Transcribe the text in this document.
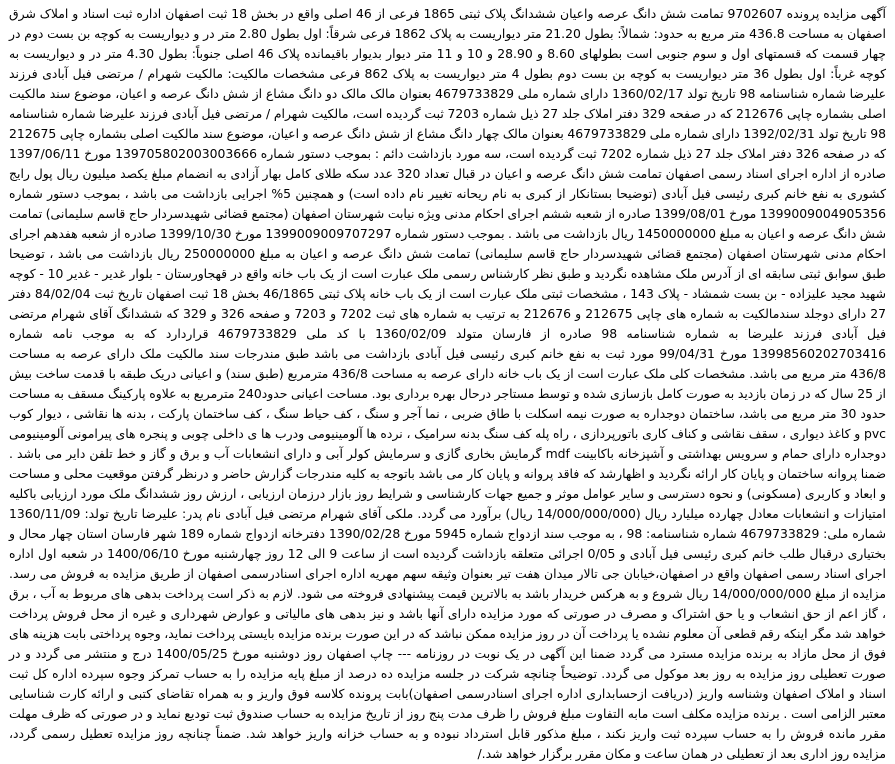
آگهی مزایده پرونده 9702607 تمامت شش دانگ عرصه واعیان ششدانگ پلاک ثبتی 1865 فرعی از 46 اصلی واقع در بخش 18 ثبت اصفهان اداره ثبت اسناد و املاک شرق اصفهان به مساحت 436.8 متر مربع به حدود: شمالاً: بطول 21.20 متر دیواریست به پلاک 1862 فرعی شرقاً: اول بطول 2.80 متر در و دیواریست به کوچه بن بست دوم در چهار قسمت که قسمتهای اول و سوم جنوبی است بطولهای 8.60 و 28.90 و 10 و 11 متر دیوار بدیوار باقیمانده پلاک 46 اصلی جنوباً: بطول 4.30 متر در و دیواریست به کوچه غرباً: اول بطول 36 متر دیواریست به کوچه بن بست دوم بطول 4 متر دیواریست به پلاک 862 فرعی مشخصات مالکیت: مالکیت شهرام / مرتضی فیل آبادی فرزند علیرضا شماره شناسنامه 98 تاریخ تولد 1360/02/17 دارای شماره ملی 4679733829 بعنوان مالک مالک دو دانگ مشاع از شش دانگ عرصه و اعیان، موضوع سند مالکیت اصلی بشماره چاپی 212676 که در صفحه 329 دفتر املاک جلد 27 ذیل شماره 7203 ثبت گردیده است، مالکیت شهرام / مرتضی فیل آبادی فرزند علیرضا شماره شناسنامه 98 تاریخ تولد 1392/02/31 دارای شماره ملی 4679733829 بعنوان مالک چهار دانگ مشاع از شش دانگ عرصه و اعیان، موضوع سند مالکیت اصلی بشماره چاپی 212675 که در صفحه 326 دفتر املاک جلد 27 ذیل شماره 7202 ثبت گردیده است، سه مورد بازداشت دائم : بموجب دستور شماره 139705802003003666 مورخ 1397/06/11 صادره از اداره اجرای اسناد رسمی اصفهان تمامت شش دانگ عرصه و اعیان در قبال تعداد 320 عدد سکه طلای کامل بهار آزادی به انضمام مبلغ یکصد میلیون ریال پول رایج کشوری به نفع خانم کبری رئیسی فیل آبادی (توضیحا بستانکار از کبری به نام ریحانه تغییر نام داده است) و همچنین 5% اجرایی بازداشت می باشد ، بموجب دستور شماره 1399009004905356 مورخ 1399/08/01 صادره از شعبه ششم اجرای احکام مدنی ویژه نیابت شهرستان اصفهان (مجتمع قضائی شهیدسردار حاج قاسم سلیمانی) تمامت شش دانگ عرصه و اعیان به مبلغ 1450000000 ریال بازداشت می باشد . بموجب دستور شماره 1399009009707297 مورخ 1399/10/30 صادره از شعبه هفدهم اجرای احکام مدنی شهرستان اصفهان (مجتمع قضائی شهیدسردار حاج قاسم سلیمانی) تمامت شش دانگ عرصه و اعیان به مبلغ 250000000 ریال بازداشت می باشد ، توضیحا طبق سوابق ثبتی سابقه ای از آدرس ملک مشاهده نگردید و طبق نظر کارشناس رسمی ملک عبارت است از یک باب خانه واقع در قهجاورستان - بلوار غدیر - غدیر 10 - کوچه شهید مجید علیزاده - بن بست شمشاد - پلاک 143 ، مشخصات ثبتی ملک عبارت است از یک باب خانه پلاک ثبتی 46/1865 بخش 18 ثبت اصفهان تاریخ ثبت 84/02/04 دفتر 27 دارای دوجلد سندمالکیت به شماره های چاپی 212675 و 212676 به ترتیب به شماره های ثبت 7202 و 7203 و صفحه 326 و 329 که ششدانگ آقای شهرام مرتضی فیل آبادی فرزند علیرضا به شماره شناسنامه 98 صادره از فارسان متولد 1360/02/09 با کد ملی 4679733829 قراردارد که به موجب نامه شماره 13998560202703416 مورخ 99/04/31 مورد ثبت به نفع خانم کبری رئیسی فیل آبادی بازداشت می باشد طبق مندرجات سند مالکیت ملک دارای عرصه به مساحت 436/8 متر مربع می باشد. مشخصات کلی ملک عبارت است از یک باب خانه دارای عرصه به مساحت 436/8 مترمربع (طبق سند) و اعیانی دریک طبقه با قدمت ساخت بیش از 25 سال که در زمان بازدید به صورت کامل بازسازی شده و توسط مستاجر درحال بهره برداری بود. مساحت اعیانی حدود240 مترمربع به علاوه پارکینگ مسقف به مساحت حدود 30 متر مربع می باشد، ساختمان دوجداره به صورت نیمه اسکلت با طاق ضربی ، نما آجر و سنگ ، کف حیاط سنگ ، کف ساختمان پارکت ، بدنه ها نقاشی ، دیوار کوب pvc و کاغذ دیواری ، سقف نقاشی و کناف کاری باتورپردازی ، راه پله کف سنگ بدنه سرامیک ، نرده ها آلومینیومی ودرب ها ی داخلی چوبی و پنجره های پیرامونی آلومینیومی دوجداره دارای حمام و سرویس بهداشتی و آشپزخانه باکابینت mdf گرمایش بخاری گازی و سرمایش کولر آبی و دارای انشعابات آب و برق و گاز و خط تلفن دایر می باشد . ضمنا پروانه ساختمان و پایان کار ارائه نگردید و اظهارشد که فاقد پروانه و پایان کار می باشد باتوجه به کلیه مندرجات گزارش حاضر و درنظر گرفتن موقعیت محلی و مساحت و ابعاد و کاربری (مسکونی) و نحوه دسترسی و سایر عوامل موثر و جمیع جهات کارشناسی و شرایط روز بازار درزمان ارزیابی ، ارزش روز ششدانگ ملک مورد ارزیابی باکلیه امتیازات و انشعابات معادل چهارده میلیارد ریال (14/000/000/000 ریال) برآورد می گردد. ملکی آقای شهرام مرتضی فیل آبادی نام پدر: علیرضا تاریخ تولد: 1360/11/09 شماره ملی: 4679733829 شماره شناسنامه: 98 ، به موجب سند ازدواج شماره 5945 مورخ 1390/02/28 دفترخانه ازدواج شماره 189 شهر فارسان استان چهار محال و بختیاری درقبال طلب خانم کبری رئیسی فیل آبادی و 0/05 اجرائی متعلقه بازداشت گردیده است از ساعت 9 الی 12 روز چهارشنبه مورخ 1400/06/10 در شعبه اول اداره اجرای اسناد رسمی اصفهان واقع در اصفهان،خیابان جی تالار میدان هفت تیر بعنوان وثیقه سهم مهریه اداره اجرای اسنادرسمی اصفهان از طریق مزایده به فروش می رسد. مزایده از مبلغ 14/000/000/000 ریال شروع و به هرکس خریدار باشد به بالاترین قیمت پیشنهادی فروخته می شود. لازم به ذکر است پرداخت بدهی های مربوط به آب ، برق ، گاز اعم از حق انشعاب و یا حق اشتراک و مصرف در صورتی که مورد مزایده دارای آنها باشد و نیز بدهی های مالیاتی و عوارض شهرداری و غیره از محل فروش پرداخت خواهد شد مگر اینکه رقم قطعی آن معلوم نشده یا پرداخت آن در روز مزایده ممکن نباشد که در این صورت برنده مزایده بایستی پرداخت نماید، وجوه پرداختی بابت هزینه های فوق از محل مازاد به برنده مزایده مسترد می گردد ضمنا این آگهی در یک نوبت در روزنامه --- چاپ اصفهان روز دوشنبه مورخ 1400/05/25 درج و منتشر می گردد و در صورت تعطیلی روز مزایده به روز بعد موکول می گردد. توضیحاً چنانچه شرکت در جلسه مزایده ده درصد از مبلغ پایه مزایده را به حساب تمرکز وجوه سپرده اداره کل ثبت اسناد و املاک اصفهان وشناسه واریز (دریافت ازحسابداری اداره اجرای اسنادرسمی اصفهان)بابت پرونده کلاسه فوق واریز و به همراه تقاضای کتبی و ارائه کارت شناسایی معتبر الزامی است . برنده مزایده مکلف است مابه التفاوت مبلغ فروش را ظرف مدت پنج روز از تاریخ مزایده به حساب صندوق ثبت تودیع نماید و در صورتی که ظرف مهلت مقرر مانده فروش را به حساب سپرده ثبت واریز نکند ، مبلغ مذکور قابل استرداد نبوده و به حساب خزانه واریز خواهد شد. ضمناً چنانچه روز مزایده تعطیل رسمی گردد، مزایده روز اداری بعد از تعطیلی در همان ساعت و مکان مقرر برگزار خواهد شد./
